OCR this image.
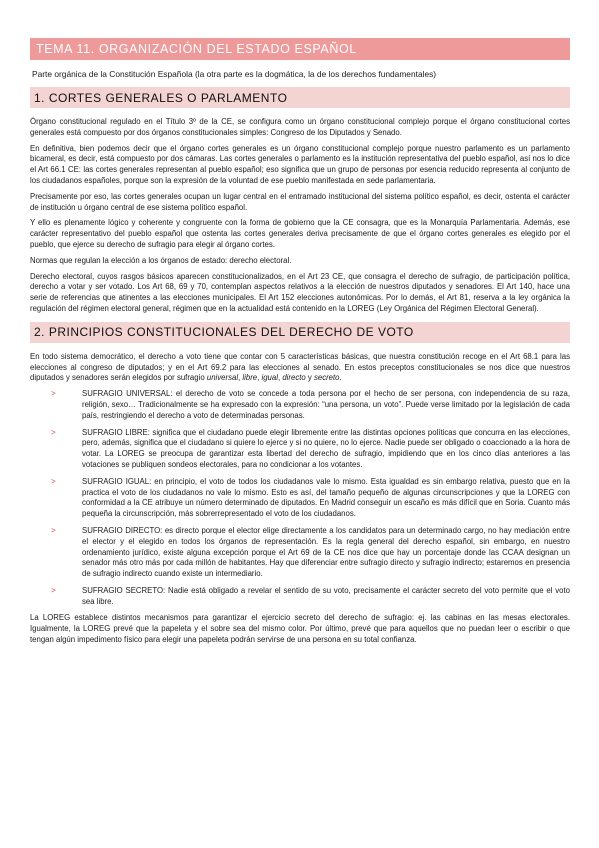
TEMA 11. ORGANIZACIÓN DEL ESTADO ESPAÑOL
Parte orgánica de la Constitución Española (la otra parte es la dogmática, la de los derechos fundamentales)
1. CORTES GENERALES O PARLAMENTO

Órgano constitucional regulado en el Título 3º de la CE, se configura como un órgano constitucional complejo porque el órgano constitucional cortes generales está compuesto por dos órganos constitucionales simples: Congreso de los Diputados y Senado.

En definitiva, bien podemos decir que el órgano cortes generales es un órgano constitucional complejo porque nuestro parlamento es un parlamento bicameral, es decir, está compuesto por dos cámaras. Las cortes generales o parlamento es la institución representativa del pueblo español, así nos lo dice el Art 66.1 CE: las cortes generales representan al pueblo español; eso significa que un grupo de personas por esencia reducido representa al conjunto de los ciudadanos españoles, porque son la expresión de la voluntad de ese pueblo manifestada en sede parlamentaria.

Precisamente por eso, las cortes generales ocupan un lugar central en el entramado institucional del sistema político español, es decir, ostenta el carácter de institución u órgano central de ese sistema político español.

Y ello es plenamente lógico y coherente y congruente con la forma de gobierno que la CE consagra, que es la Monarquía Parlamentaria. Además, ese carácter representativo del pueblo español que ostenta las cortes generales deriva precisamente de que el órgano cortes generales es elegido por el pueblo, que ejerce su derecho de sufragio para elegir al órgano cortes.

Normas que regulan la elección a los órganos de estado: derecho electoral.

Derecho electoral, cuyos rasgos básicos aparecen constitucionalizados, en el Art 23 CE, que consagra el derecho de sufragio, de participación política, derecho a votar y ser votado. Los Art 68, 69 y 70, contemplan aspectos relativos a la elección de nuestros diputados y senadores. El Art 140, hace una serie de referencias que atinentes a las elecciones municipales. El Art 152 elecciones autonómicas. Por lo demás, el Art 81, reserva a la ley orgánica la regulación del régimen electoral general, régimen que en la actualidad está contenido en la LOREG (Ley Orgánica del Régimen Electoral General).

2. PRINCIPIOS CONSTITUCIONALES DEL DERECHO DE VOTO

En todo sistema democrático, el derecho a voto tiene que contar con 5 características básicas, que nuestra constitución recoge en el Art 68.1 para las elecciones al congreso de diputados; y en el Art 69.2 para las elecciones al senado. En estos preceptos constitucionales se nos dice que nuestros diputados y senadores serán elegidos por sufragio universal, libre, igual, directo y secreto.

>	SUFRAGIO UNIVERSAL: el derecho de voto se concede a toda persona por el hecho de ser persona, con independencia de su raza, religión, sexo… Tradicionalmente se ha expresado con la expresión: “una persona, un voto”. Puede verse limitado por la legislación de cada país, restringiendo el derecho a voto de determinadas personas.
>	SUFRAGIO LIBRE: significa que el ciudadano puede elegir libremente entre las distintas opciones políticas que concurra en las elecciones, pero, además, significa que el ciudadano si quiere lo ejerce y si no quiere, no lo ejerce. Nadie puede ser obligado o coaccionado a la hora de votar. La LOREG se preocupa de garantizar esta libertad del derecho de sufragio, impidiendo que en los cinco días anteriores a las votaciones se publiquen sondeos electorales, para no condicionar a los votantes.
>	SUFRAGIO IGUAL: en principio, el voto de todos los ciudadanos vale lo mismo. Esta igualdad es sin embargo relativa, puesto que en la practica el voto de los ciudadanos no vale lo mismo. Esto es así, del tamaño pequeño de algunas circunscripciones y que la LOREG con conformidad a la CE atribuye un número determinado de diputados. En Madrid conseguir un escaño es más difícil que en Soria. Cuanto más pequeña la circunscripción, más sobrerrepresentado el voto de los ciudadanos.
>	SUFRAGIO DIRECTO: es directo porque el elector elige directamente a los candidatos para un determinado cargo, no hay mediación entre el elector y el elegido en todos los órganos de representación. Es la regla general del derecho español, sin embargo, en nuestro ordenamiento jurídico, existe alguna excepción porque el Art 69 de la CE nos dice que hay un porcentaje donde las CCAA designan un senador más otro más por cada millón de habitantes. Hay que diferenciar entre sufragio directo y sufragio indirecto; estaremos en presencia de sufragio indirecto cuando existe un intermediario.
>	SUFRAGIO SECRETO: Nadie está obligado a revelar el sentido de su voto, precisamente el carácter secreto del voto permite que el voto sea libre.

La LOREG establece distintos mecanismos para garantizar el ejercicio secreto del derecho de sufragio: ej. las cabinas en las mesas electorales. Igualmente, la LOREG prevé que la papeleta y el sobre sea del mismo color. Por último, prevé que para aquellos que no puedan leer o escribir o que tengan algún impedimento físico para elegir una papeleta podrán servirse de una persona en su total confianza.
